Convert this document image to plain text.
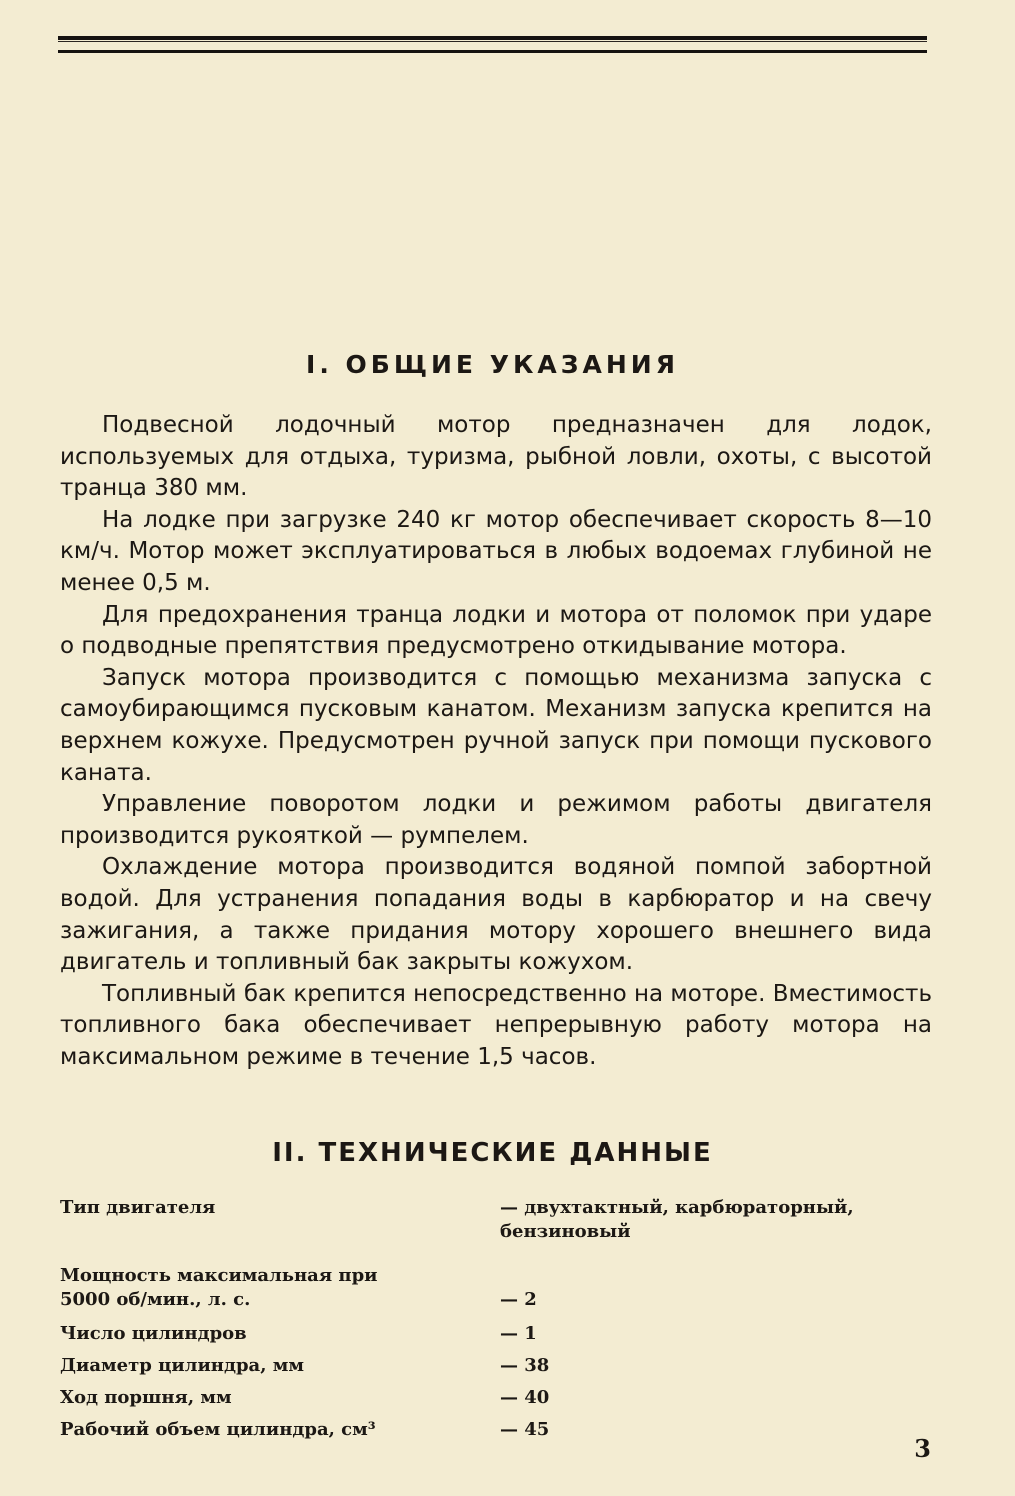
I. ОБЩИЕ УКАЗАНИЯ

Подвесной лодочный мотор предназначен для лодок, используемых для отдыха, туризма, рыбной ловли, охоты, с высотой транца 380 мм.

На лодке при загрузке 240 кг мотор обеспечивает скорость 8—10 км/ч. Мотор может эксплуатироваться в любых водоемах глубиной не менее 0,5 м.

Для предохранения транца лодки и мотора от поломок при ударе о подводные препятствия предусмотрено откидывание мотора.

Запуск мотора производится с помощью механизма запуска с самоубирающимся пусковым канатом. Механизм запуска крепится на верхнем кожухе. Предусмотрен ручной запуск при помощи пускового каната.

Управление поворотом лодки и режимом работы двигателя производится рукояткой — румпелем.

Охлаждение мотора производится водяной помпой забортной водой. Для устранения попадания воды в карбюратор и на свечу зажигания, а также придания мотору хорошего внешнего вида двигатель и топливный бак закрыты кожухом.

Топливный бак крепится непосредственно на моторе. Вместимость топливного бака обеспечивает непрерывную работу мотора на максимальном режиме в течение 1,5 часов.

II. ТЕХНИЧЕСКИЕ ДАННЫЕ
Тип двигателя	— двухтактный, карбюраторный, бензиновый
Мощность максимальная при 5000 об/мин., л. с.	— 2
Число цилиндров	— 1
Диаметр цилиндра, мм	— 38
Ход поршня, мм	— 40
Рабочий объем цилиндра, см³	— 45
3
